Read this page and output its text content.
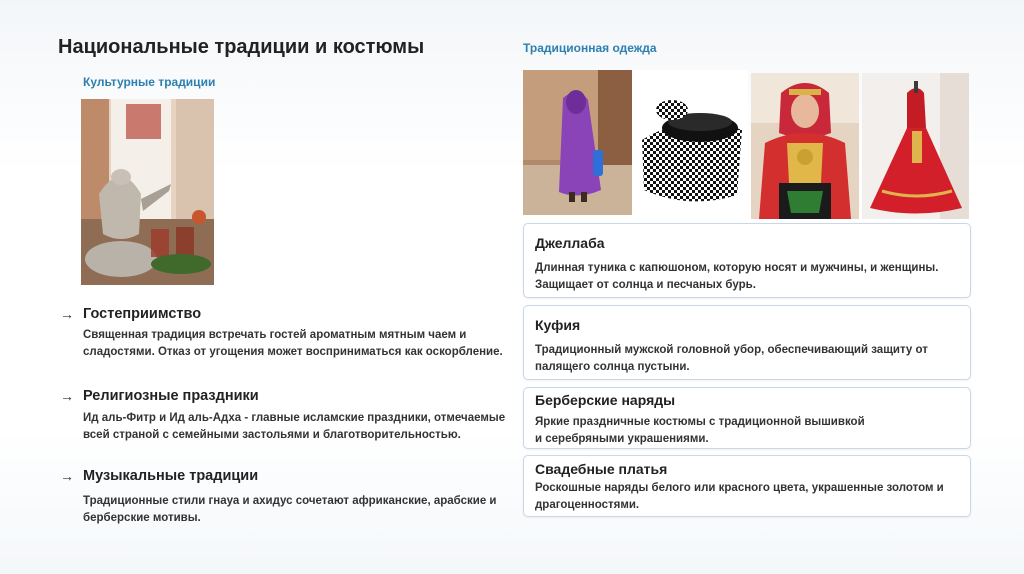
Национальные традиции и костюмы
Культурные традиции
Традиционная одежда
→ Гостеприимство
Священная традиция встречать гостей ароматным мятным чаем и сладостями. Отказ от угощения может восприниматься как оскорбление.
→ Религиозные праздники
Ид аль-Фитр и Ид аль-Адха - главные исламские праздники, отмечаемые всей страной с семейными застольями и благотворительностью.
→ Музыкальные традиции
Традиционные стили гнауа и ахидус сочетают африканские, арабские и берберские мотивы.
Джеллаба
Длинная туника с капюшоном, которую носят и мужчины, и женщины. Защищает от солнца и песчаных бурь.
Куфия
Традиционный мужской головной убор, обеспечивающий защиту от палящего солнца пустыни.
Берберские наряды
Яркие праздничные костюмы с традиционной вышивкой
и серебряными украшениями.
Свадебные платья
Роскошные наряды белого или красного цвета, украшенные золотом и драгоценностями.
